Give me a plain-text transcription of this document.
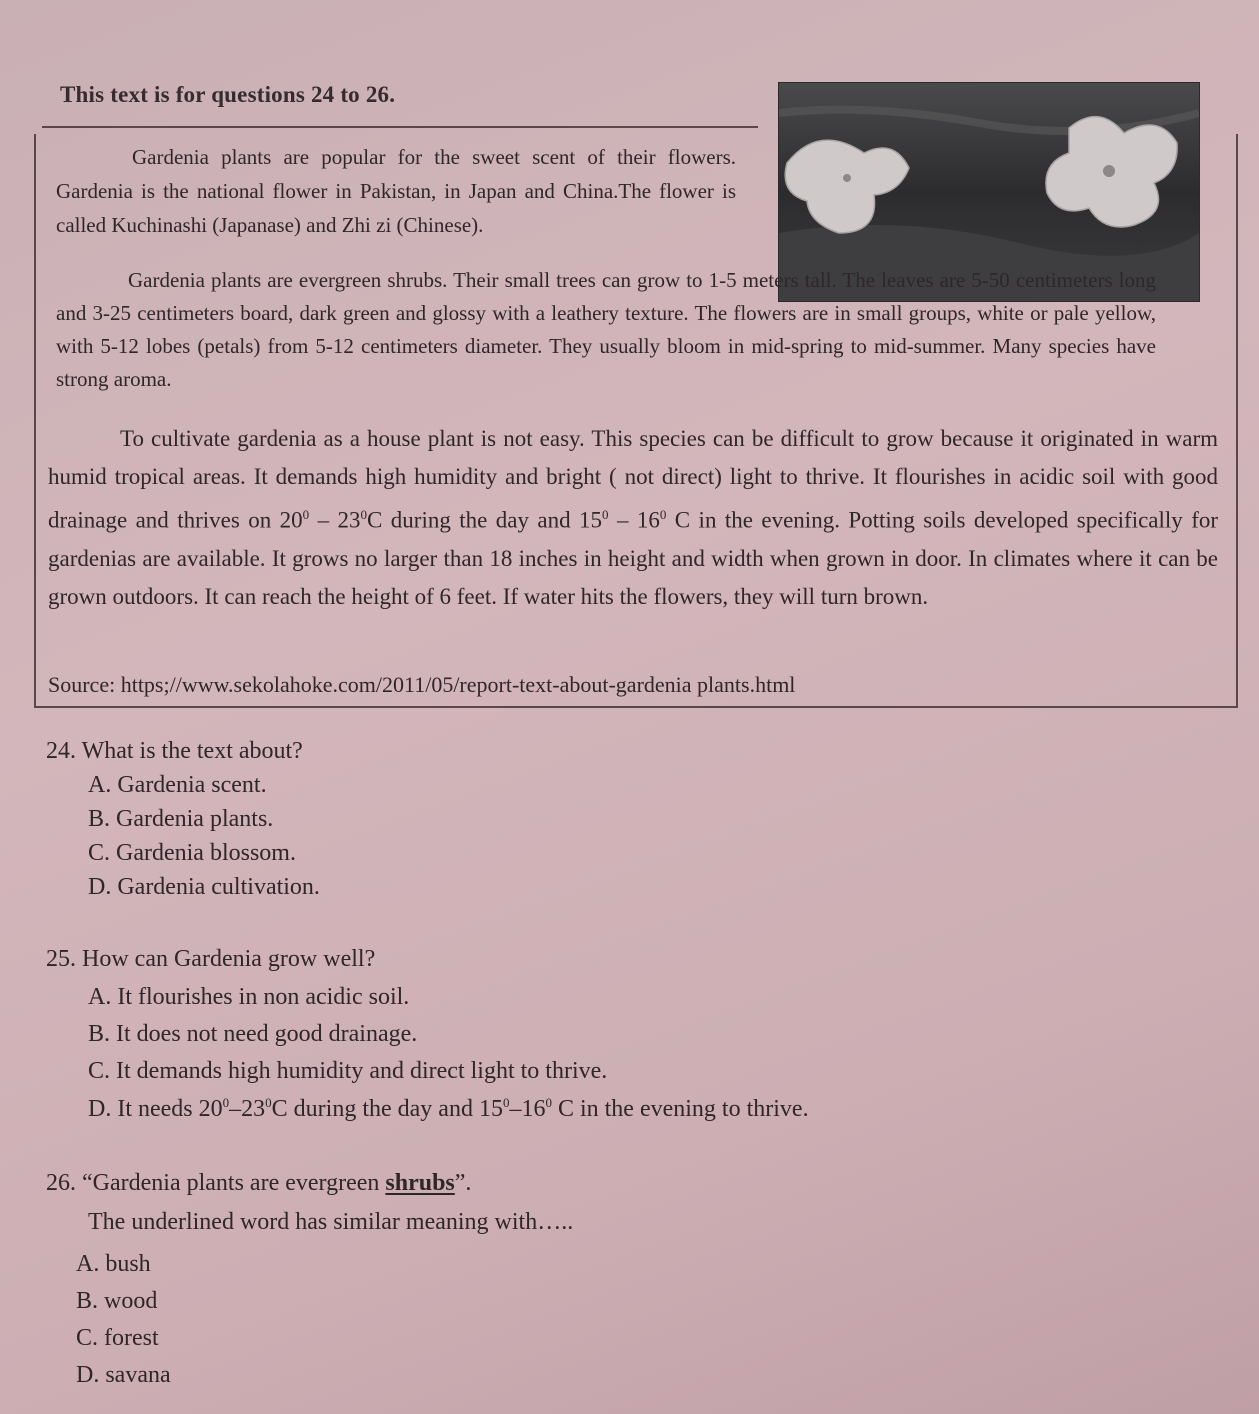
This text is for questions 24 to 26.

Gardenia plants are popular for the sweet scent of their flowers. Gardenia is the national flower in Pakistan, in Japan and China.The flower is called Kuchinashi (Japanase) and Zhi zi (Chinese).

Gardenia plants are evergreen shrubs. Their small trees can grow to 1-5 meters tall. The leaves are 5-50 centimeters long and 3-25 centimeters board, dark green and glossy with a leathery texture. The flowers are in small groups, white or pale yellow, with 5-12 lobes (petals) from 5-12 centimeters diameter. They usually bloom in mid-spring to mid-summer. Many species have strong aroma.

To cultivate gardenia as a house plant is not easy. This species can be difficult to grow because it originated in warm humid tropical areas. It demands high humidity and bright ( not direct) light to thrive. It flourishes in acidic soil with good drainage and thrives on $20^0 - 23^0C$ during the day and $15^0 - 16^0$ C in the evening. Potting soils developed specifically for gardenias are available. It grows no larger than 18 inches in height and width when grown in door. In climates where it can be grown outdoors. It can reach the height of 6 feet. If water hits the flowers, they will turn brown.

Source: https;//www.sekolahoke.com/2011/05/report-text-about-gardenia plants.html
24. What is the text about?
A. Gardenia scent.
B. Gardenia plants.
C. Gardenia blossom.
D. Gardenia cultivation.
25. How can Gardenia grow well?
A. It flourishes in non acidic soil.
B. It does not need good drainage.
C. It demands high humidity and direct light to thrive.
D. It needs $20^0-23^0C$ during the day and $15^0-16^0$ C in the evening to thrive.
26. “Gardenia plants are evergreen shrubs”.
The underlined word has similar meaning with…..
A. bush
B. wood
C. forest
D. savana
